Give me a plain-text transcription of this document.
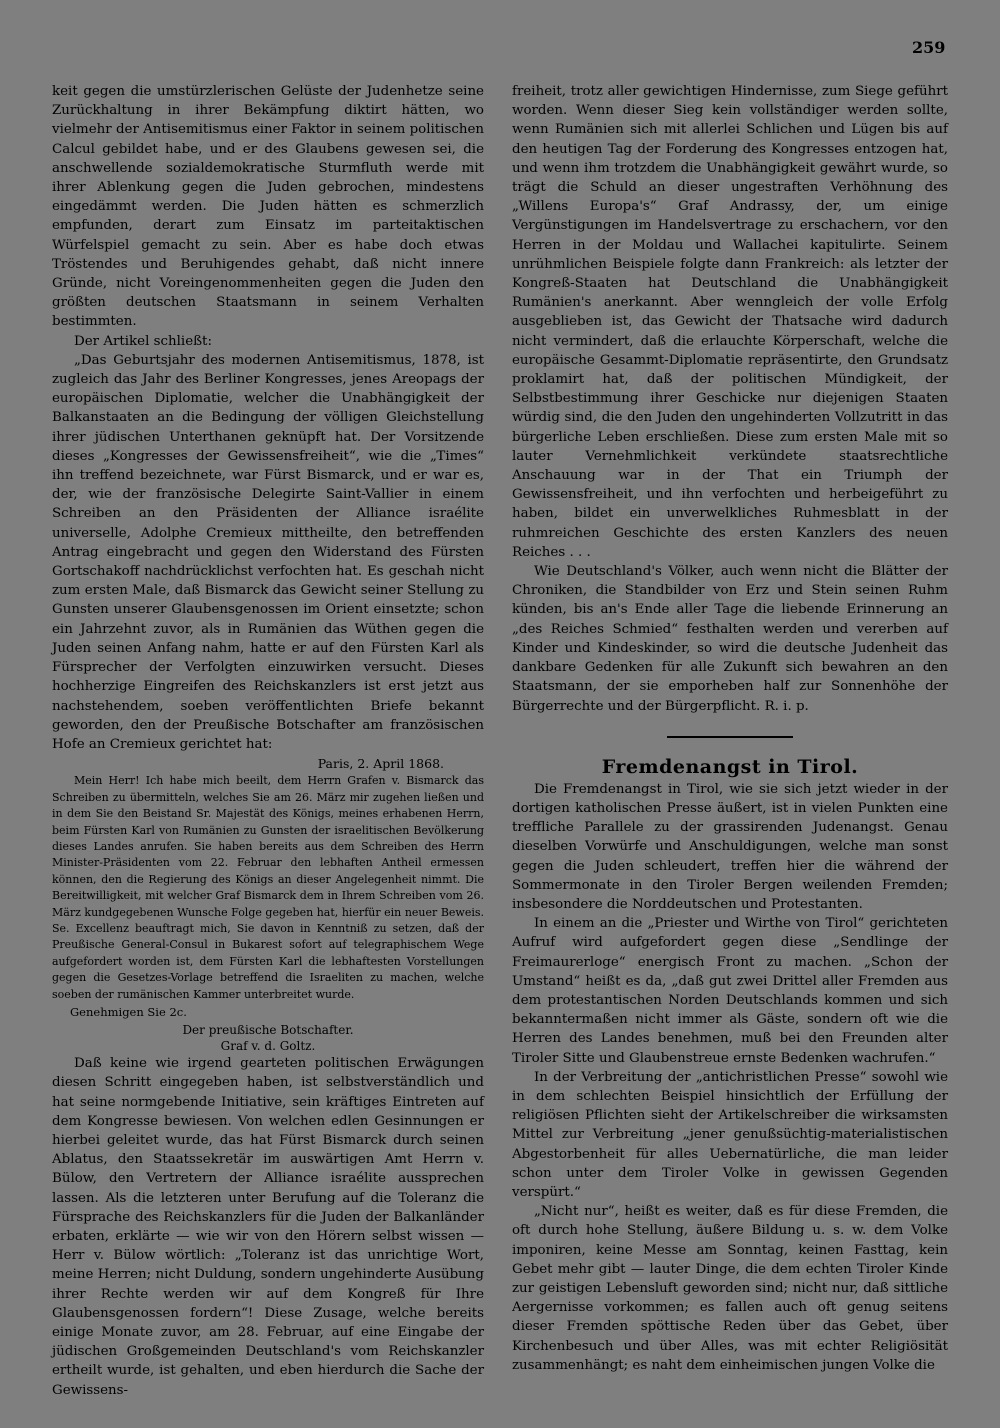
259

keit gegen die umstürzlerischen Gelüste der Judenhetze seine Zurückhaltung in ihrer Bekämpfung diktirt hätten, wo vielmehr der Antisemitismus einer Faktor in seinem politischen Calcul gebildet habe, und er des Glaubens gewesen sei, die anschwellende sozialdemokratische Sturmfluth werde mit ihrer Ablenkung gegen die Juden gebrochen, mindestens eingedämmt werden. Die Juden hätten es schmerzlich empfunden, derart zum Einsatz im parteitaktischen Würfelspiel gemacht zu sein. Aber es habe doch etwas Tröstendes und Beruhigendes gehabt, daß nicht innere Gründe, nicht Voreingenommenheiten gegen die Juden den größten deutschen Staatsmann in seinem Verhalten bestimmten.

Der Artikel schließt:

„Das Geburtsjahr des modernen Antisemitismus, 1878, ist zugleich das Jahr des Berliner Kongresses, jenes Areopags der europäischen Diplomatie, welcher die Unabhängigkeit der Balkanstaaten an die Bedingung der völligen Gleichstellung ihrer jüdischen Unterthanen geknüpft hat. Der Vorsitzende dieses „Kongresses der Gewissensfreiheit“, wie die „Times“ ihn treffend bezeichnete, war Fürst Bismarck, und er war es, der, wie der französische Delegirte Saint-Vallier in einem Schreiben an den Präsidenten der Alliance israélite universelle, Adolphe Cremieux mittheilte, den betreffenden Antrag eingebracht und gegen den Widerstand des Fürsten Gortschakoff nachdrücklichst verfochten hat. Es geschah nicht zum ersten Male, daß Bismarck das Gewicht seiner Stellung zu Gunsten unserer Glaubensgenossen im Orient einsetzte; schon ein Jahrzehnt zuvor, als in Rumänien das Wüthen gegen die Juden seinen Anfang nahm, hatte er auf den Fürsten Karl als Fürsprecher der Verfolgten einzuwirken versucht. Dieses hochherzige Eingreifen des Reichskanzlers ist erst jetzt aus nachstehendem, soeben veröffentlichten Briefe bekannt geworden, den der Preußische Botschafter am französischen Hofe an Cremieux gerichtet hat:

Paris, 2. April 1868.

Mein Herr! Ich habe mich beeilt, dem Herrn Grafen v. Bismarck das Schreiben zu übermitteln, welches Sie am 26. März mir zugehen ließen und in dem Sie den Beistand Sr. Majestät des Königs, meines erhabenen Herrn, beim Fürsten Karl von Rumänien zu Gunsten der israelitischen Bevölkerung dieses Landes anrufen. Sie haben bereits aus dem Schreiben des Herrn Minister-Präsidenten vom 22. Februar den lebhaften Antheil ermessen können, den die Regierung des Königs an dieser Angelegenheit nimmt. Die Bereitwilligkeit, mit welcher Graf Bismarck dem in Ihrem Schreiben vom 26. März kundgegebenen Wunsche Folge gegeben hat, hierfür ein neuer Beweis. Se. Excellenz beauftragt mich, Sie davon in Kenntniß zu setzen, daß der Preußische General-Consul in Bukarest sofort auf telegraphischem Wege aufgefordert worden ist, dem Fürsten Karl die lebhaftesten Vorstellungen gegen die Gesetzes-Vorlage betreffend die Israeliten zu machen, welche soeben der rumänischen Kammer unterbreitet wurde.

Genehmigen Sie 2c.

Der preußische Botschafter.

Graf v. d. Goltz.

Daß keine wie irgend gearteten politischen Erwägungen diesen Schritt eingegeben haben, ist selbstverständlich und hat seine normgebende Initiative, sein kräftiges Eintreten auf dem Kongresse bewiesen. Von welchen edlen Gesinnungen er hierbei geleitet wurde, das hat Fürst Bismarck durch seinen Ablatus, den Staatssekretär im auswärtigen Amt Herrn v. Bülow, den Vertretern der Alliance israélite aussprechen lassen. Als die letzteren unter Berufung auf die Toleranz die Fürsprache des Reichskanzlers für die Juden der Balkanländer erbaten, erklärte — wie wir von den Hörern selbst wissen — Herr v. Bülow wörtlich: „Toleranz ist das unrichtige Wort, meine Herren; nicht Duldung, sondern ungehinderte Ausübung ihrer Rechte werden wir auf dem Kongreß für Ihre Glaubensgenossen fordern“! Diese Zusage, welche bereits einige Monate zuvor, am 28. Februar, auf eine Eingabe der jüdischen Großgemeinden Deutschland's vom Reichskanzler ertheilt wurde, ist gehalten, und eben hierdurch die Sache der Gewissens-

freiheit, trotz aller gewichtigen Hindernisse, zum Siege geführt worden. Wenn dieser Sieg kein vollständiger werden sollte, wenn Rumänien sich mit allerlei Schlichen und Lügen bis auf den heutigen Tag der Forderung des Kongresses entzogen hat, und wenn ihm trotzdem die Unabhängigkeit gewährt wurde, so trägt die Schuld an dieser ungestraften Verhöhnung des „Willens Europa's“ Graf Andrassy, der, um einige Vergünstigungen im Handelsvertrage zu erschachern, vor den Herren in der Moldau und Wallachei kapitulirte. Seinem unrühmlichen Beispiele folgte dann Frankreich: als letzter der Kongreß-Staaten hat Deutschland die Unabhängigkeit Rumänien's anerkannt. Aber wenngleich der volle Erfolg ausgeblieben ist, das Gewicht der Thatsache wird dadurch nicht vermindert, daß die erlauchte Körperschaft, welche die europäische Gesammt-Diplomatie repräsentirte, den Grundsatz proklamirt hat, daß der politischen Mündigkeit, der Selbstbestimmung ihrer Geschicke nur diejenigen Staaten würdig sind, die den Juden den ungehinderten Vollzutritt in das bürgerliche Leben erschließen. Diese zum ersten Male mit so lauter Vernehmlichkeit verkündete staatsrechtliche Anschauung war in der That ein Triumph der Gewissensfreiheit, und ihn verfochten und herbeigeführt zu haben, bildet ein unverwelkliches Ruhmesblatt in der ruhmreichen Geschichte des ersten Kanzlers des neuen Reiches . . .

Wie Deutschland's Völker, auch wenn nicht die Blätter der Chroniken, die Standbilder von Erz und Stein seinen Ruhm künden, bis an's Ende aller Tage die liebende Erinnerung an „des Reiches Schmied“ festhalten werden und vererben auf Kinder und Kindeskinder, so wird die deutsche Judenheit das dankbare Gedenken für alle Zukunft sich bewahren an den Staatsmann, der sie emporheben half zur Sonnenhöhe der Bürgerrechte und der Bürgerpflicht. R. i. p.

Fremdenangst in Tirol.

Die Fremdenangst in Tirol, wie sie sich jetzt wieder in der dortigen katholischen Presse äußert, ist in vielen Punkten eine treffliche Parallele zu der grassirenden Judenangst. Genau dieselben Vorwürfe und Anschuldigungen, welche man sonst gegen die Juden schleudert, treffen hier die während der Sommermonate in den Tiroler Bergen weilenden Fremden; insbesondere die Norddeutschen und Protestanten.

In einem an die „Priester und Wirthe von Tirol“ gerichteten Aufruf wird aufgefordert gegen diese „Sendlinge der Freimaurerloge“ energisch Front zu machen. „Schon der Umstand“ heißt es da, „daß gut zwei Drittel aller Fremden aus dem protestantischen Norden Deutschlands kommen und sich bekanntermaßen nicht immer als Gäste, sondern oft wie die Herren des Landes benehmen, muß bei den Freunden alter Tiroler Sitte und Glaubenstreue ernste Bedenken wachrufen.“

In der Verbreitung der „antichristlichen Presse“ sowohl wie in dem schlechten Beispiel hinsichtlich der Erfüllung der religiösen Pflichten sieht der Artikelschreiber die wirksamsten Mittel zur Verbreitung „jener genußsüchtig-materialistischen Abgestorbenheit für alles Uebernatürliche, die man leider schon unter dem Tiroler Volke in gewissen Gegenden verspürt.“

„Nicht nur“, heißt es weiter, daß es für diese Fremden, die oft durch hohe Stellung, äußere Bildung u. s. w. dem Volke imponiren, keine Messe am Sonntag, keinen Fasttag, kein Gebet mehr gibt — lauter Dinge, die dem echten Tiroler Kinde zur geistigen Lebensluft geworden sind; nicht nur, daß sittliche Aergernisse vorkommen; es fallen auch oft genug seitens dieser Fremden spöttische Reden über das Gebet, über Kirchenbesuch und über Alles, was mit echter Religiösität zusammenhängt; es naht dem einheimischen jungen Volke die
